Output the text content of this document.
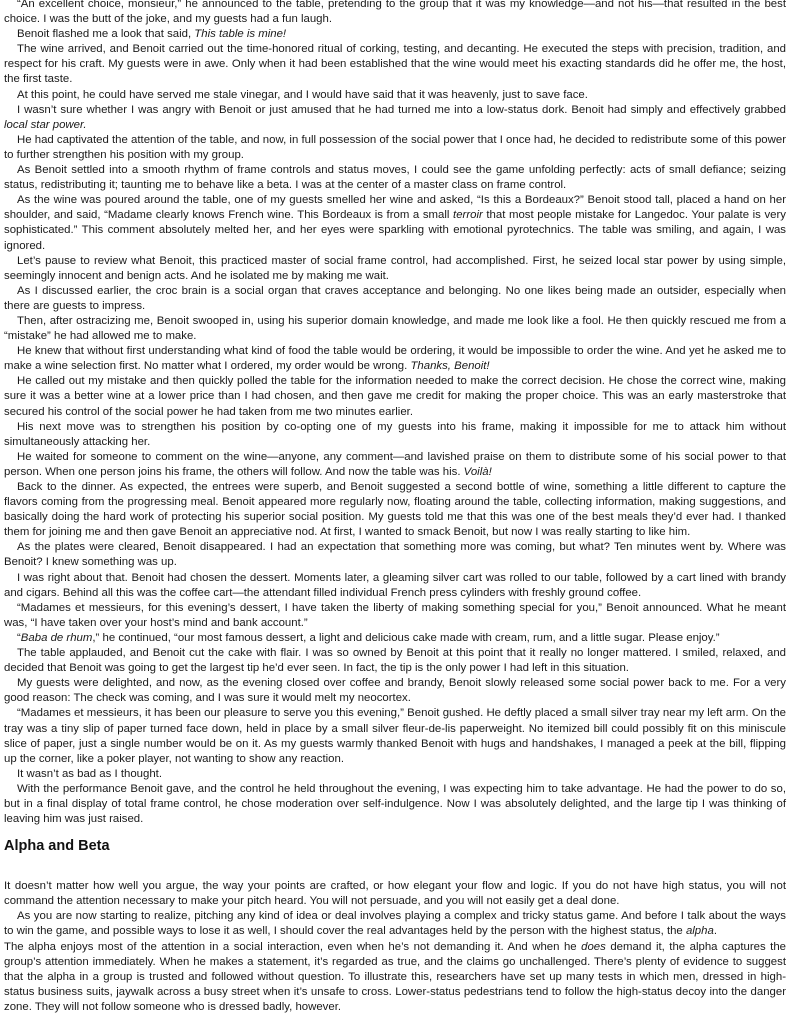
“An excellent choice, monsieur,” he announced to the table, pretending to the group that it was my knowledge—and not his—that resulted in the best choice. I was the butt of the joke, and my guests had a fun laugh.

Benoit flashed me a look that said, This table is mine!

The wine arrived, and Benoit carried out the time-honored ritual of corking, testing, and decanting. He executed the steps with precision, tradition, and respect for his craft. My guests were in awe. Only when it had been established that the wine would meet his exacting standards did he offer me, the host, the first taste.

At this point, he could have served me stale vinegar, and I would have said that it was heavenly, just to save face.

I wasn’t sure whether I was angry with Benoit or just amused that he had turned me into a low-status dork. Benoit had simply and effectively grabbed local star power.

He had captivated the attention of the table, and now, in full possession of the social power that I once had, he decided to redistribute some of this power to further strengthen his position with my group.

As Benoit settled into a smooth rhythm of frame controls and status moves, I could see the game unfolding perfectly: acts of small defiance; seizing status, redistributing it; taunting me to behave like a beta. I was at the center of a master class on frame control.

As the wine was poured around the table, one of my guests smelled her wine and asked, “Is this a Bordeaux?” Benoit stood tall, placed a hand on her shoulder, and said, “Madame clearly knows French wine. This Bordeaux is from a small terroir that most people mistake for Langedoc. Your palate is very sophisticated.” This comment absolutely melted her, and her eyes were sparkling with emotional pyrotechnics. The table was smiling, and again, I was ignored.

Let’s pause to review what Benoit, this practiced master of social frame control, had accomplished. First, he seized local star power by using simple, seemingly innocent and benign acts. And he isolated me by making me wait.

As I discussed earlier, the croc brain is a social organ that craves acceptance and belonging. No one likes being made an outsider, especially when there are guests to impress.

Then, after ostracizing me, Benoit swooped in, using his superior domain knowledge, and made me look like a fool. He then quickly rescued me from a “mistake” he had allowed me to make.

He knew that without first understanding what kind of food the table would be ordering, it would be impossible to order the wine. And yet he asked me to make a wine selection first. No matter what I ordered, my order would be wrong. Thanks, Benoit!

He called out my mistake and then quickly polled the table for the information needed to make the correct decision. He chose the correct wine, making sure it was a better wine at a lower price than I had chosen, and then gave me credit for making the proper choice. This was an early masterstroke that secured his control of the social power he had taken from me two minutes earlier.

His next move was to strengthen his position by co-opting one of my guests into his frame, making it impossible for me to attack him without simultaneously attacking her.

He waited for someone to comment on the wine—anyone, any comment—and lavished praise on them to distribute some of his social power to that person. When one person joins his frame, the others will follow. And now the table was his. Voilà!

Back to the dinner. As expected, the entrees were superb, and Benoit suggested a second bottle of wine, something a little different to capture the flavors coming from the progressing meal. Benoit appeared more regularly now, floating around the table, collecting information, making suggestions, and basically doing the hard work of protecting his superior social position. My guests told me that this was one of the best meals they’d ever had. I thanked them for joining me and then gave Benoit an appreciative nod. At first, I wanted to smack Benoit, but now I was really starting to like him.

As the plates were cleared, Benoit disappeared. I had an expectation that something more was coming, but what? Ten minutes went by. Where was Benoit? I knew something was up.

I was right about that. Benoit had chosen the dessert. Moments later, a gleaming silver cart was rolled to our table, followed by a cart lined with brandy and cigars. Behind all this was the coffee cart—the attendant filled individual French press cylinders with freshly ground coffee.

“Madames et messieurs, for this evening’s dessert, I have taken the liberty of making something special for you,” Benoit announced. What he meant was, “I have taken over your host’s mind and bank account.”

“Baba de rhum,” he continued, “our most famous dessert, a light and delicious cake made with cream, rum, and a little sugar. Please enjoy.”

The table applauded, and Benoit cut the cake with flair. I was so owned by Benoit at this point that it really no longer mattered. I smiled, relaxed, and decided that Benoit was going to get the largest tip he’d ever seen. In fact, the tip is the only power I had left in this situation.

My guests were delighted, and now, as the evening closed over coffee and brandy, Benoit slowly released some social power back to me. For a very good reason: The check was coming, and I was sure it would melt my neocortex.

“Madames et messieurs, it has been our pleasure to serve you this evening,” Benoit gushed. He deftly placed a small silver tray near my left arm. On the tray was a tiny slip of paper turned face down, held in place by a small silver fleur-de-lis paperweight. No itemized bill could possibly fit on this miniscule slice of paper, just a single number would be on it. As my guests warmly thanked Benoit with hugs and handshakes, I managed a peek at the bill, flipping up the corner, like a poker player, not wanting to show any reaction.

It wasn’t as bad as I thought.

With the performance Benoit gave, and the control he held throughout the evening, I was expecting him to take advantage. He had the power to do so, but in a final display of total frame control, he chose moderation over self-indulgence. Now I was absolutely delighted, and the large tip I was thinking of leaving him was just raised.

Alpha and Beta

It doesn’t matter how well you argue, the way your points are crafted, or how elegant your flow and logic. If you do not have high status, you will not command the attention necessary to make your pitch heard. You will not persuade, and you will not easily get a deal done.

As you are now starting to realize, pitching any kind of idea or deal involves playing a complex and tricky status game. And before I talk about the ways to win the game, and possible ways to lose it as well, I should cover the real advantages held by the person with the highest status, the alpha.

The alpha enjoys most of the attention in a social interaction, even when he’s not demanding it. And when he does demand it, the alpha captures the group’s attention immediately. When he makes a statement, it’s regarded as true, and the claims go unchallenged. There’s plenty of evidence to suggest that the alpha in a group is trusted and followed without question. To illustrate this, researchers have set up many tests in which men, dressed in high-status business suits, jaywalk across a busy street when it’s unsafe to cross. Lower-status pedestrians tend to follow the high-status decoy into the danger zone. They will not follow someone who is dressed badly, however.
